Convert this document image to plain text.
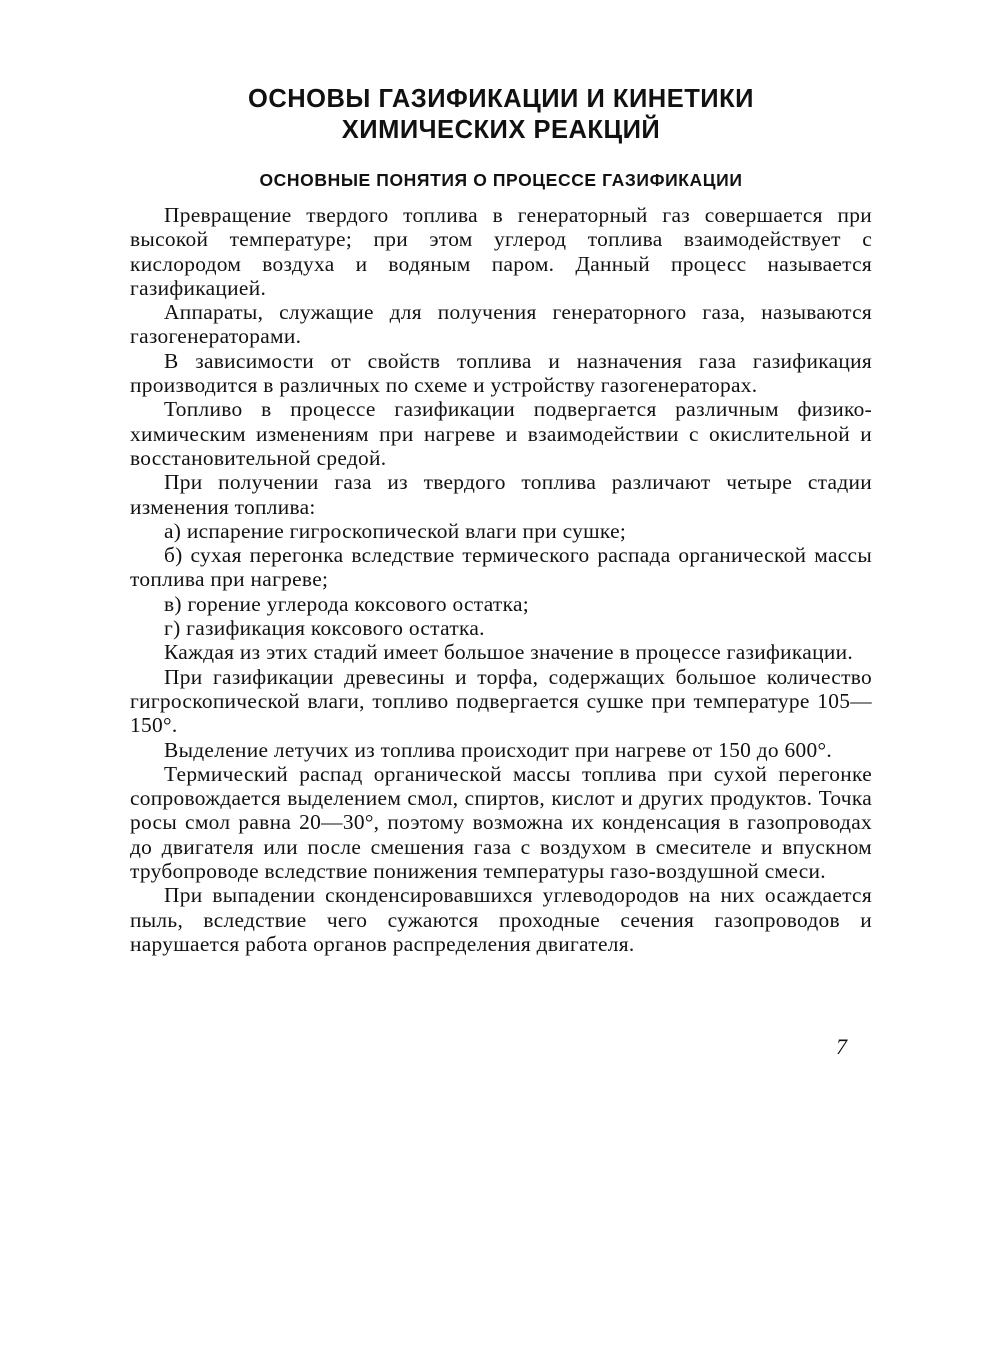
ОСНОВЫ ГАЗИФИКАЦИИ И КИНЕТИКИ
ХИМИЧЕСКИХ РЕАКЦИЙ
ОСНОВНЫЕ ПОНЯТИЯ О ПРОЦЕССЕ ГАЗИФИКАЦИИ

Превращение твердого топлива в генераторный газ совершается при высокой температуре; при этом углерод топлива взаимодействует с кислородом воздуха и водяным паром. Данный процесс называется газификацией.

Аппараты, служащие для получения генераторного газа, называются газогенераторами.

В зависимости от свойств топлива и назначения газа газификация производится в различных по схеме и устройству газогенераторах.

Топливо в процессе газификации подвергается различным физико-химическим изменениям при нагреве и взаимодействии с окислительной и восстановительной средой.

При получении газа из твердого топлива различают четыре стадии изменения топлива:

а) испарение гигроскопической влаги при сушке;

б) сухая перегонка вследствие термического распада органической массы топлива при нагреве;

в) горение углерода коксового остатка;

г) газификация коксового остатка.

Каждая из этих стадий имеет большое значение в процессе газификации.

При газификации древесины и торфа, содержащих большое количество гигроскопической влаги, топливо подвергается сушке при температуре 105—150°.

Выделение летучих из топлива происходит при нагреве от 150 до 600°.

Термический распад органической массы топлива при сухой перегонке сопровождается выделением смол, спиртов, кислот и других продуктов. Точка росы смол равна 20—30°, поэтому возможна их конденсация в газопроводах до двигателя или после смешения газа с воздухом в смесителе и впускном трубопроводе вследствие понижения температуры газо-воздушной смеси.

При выпадении сконденсировавшихся углеводородов на них осаждается пыль, вследствие чего сужаются проходные сечения газопроводов и нарушается работа органов распределения двигателя.

7
